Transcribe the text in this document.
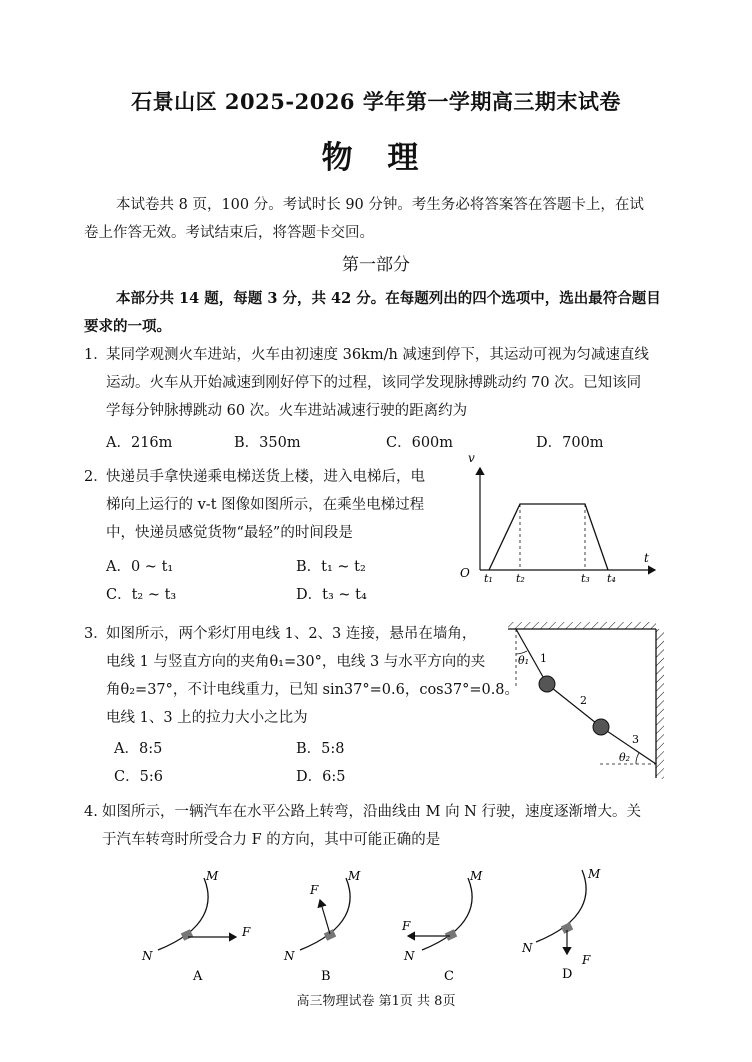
石景山区 2025-2026 学年第一学期高三期末试卷
物 理
本试卷共 8 页，100 分。考试时长 90 分钟。考生务必将答案答在答题卡上，在试
卷上作答无效。考试结束后，将答题卡交回。
第一部分
本部分共 14 题，每题 3 分，共 42 分。在每题列出的四个选项中，选出最符合题目
要求的一项。
1．
某同学观测火车进站，火车由初速度 36km/h 减速到停下，其运动可视为匀减速直线
运动。火车从开始减速到刚好停下的过程，该同学发现脉搏跳动约 70 次。已知该同
学每分钟脉搏跳动 60 次。火车进站减速行驶的距离约为
A．216m	B．350m	C．600m	D．700m
2．
快递员手拿快递乘电梯送货上楼，进入电梯后，电
梯向上运行的 v-t 图像如图所示，在乘坐电梯过程
中，快递员感觉货物“最轻”的时间段是
A．0 ~ t₁	B．t₁ ~ t₂
C．t₂ ~ t₃	D．t₃ ~ t₄
v
t
O t₁ t₂	t₃ t₄
3．
如图所示，两个彩灯用电线 1、2、3 连接，悬吊在墙角，
电线 1 与竖直方向的夹角θ₁=30°，电线 3 与水平方向的夹
角θ₂=37°，不计电线重力，已知 sin37°=0.6，cos37°=0.8。
电线 1、3 上的拉力大小之比为
A．8:5	B．5:8
C．5:6	D．6:5
1
2
3
θ₁
θ₂
4. 如图所示，一辆汽车在水平公路上转弯，沿曲线由 M 向 N 行驶，速度逐渐增大。关
于汽车转弯时所受合力 F 的方向，其中可能正确的是
M
N
F
A
M
N
F
B
M
N
F
C
M
N
F
D
高三物理试卷 第1页 共 8页
